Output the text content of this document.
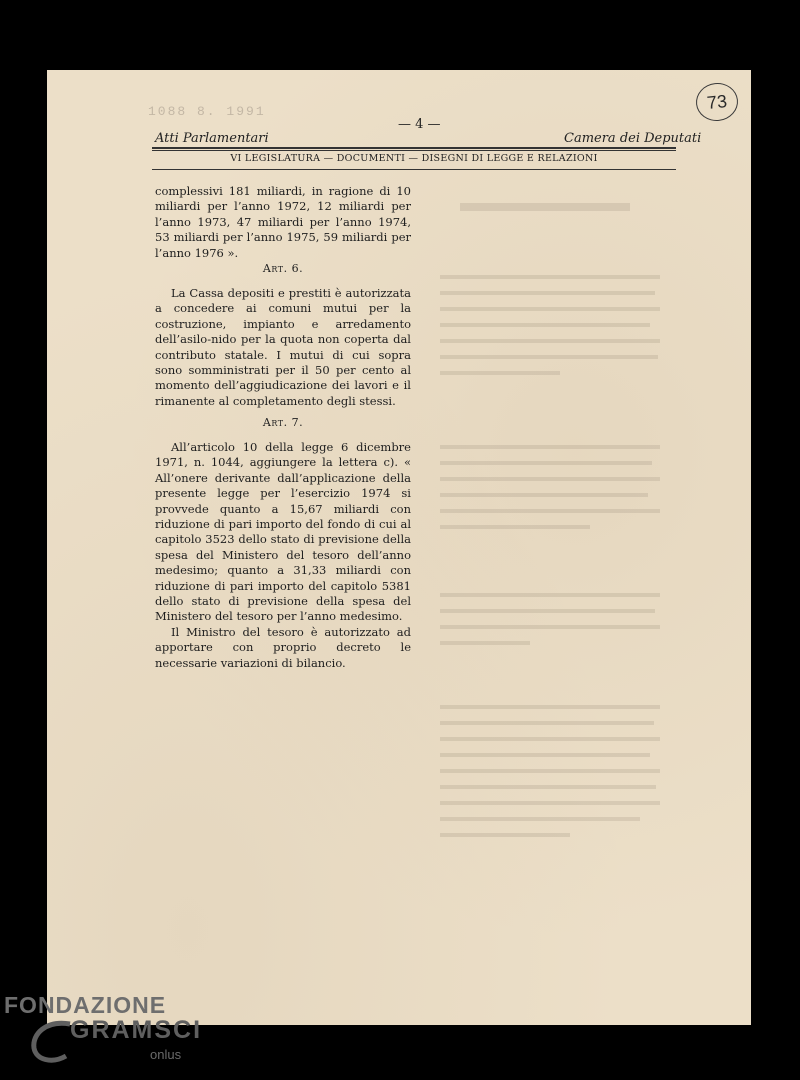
1088 8. 1991	73
— 4 —
Atti Parlamentari	Camera dei Deputati
VI LEGISLATURA — DOCUMENTI — DISEGNI DI LEGGE E RELAZIONI

complessivi 181 miliardi, in ragione di 10 miliardi per l’anno 1972, 12 miliardi per l’anno 1973, 47 miliardi per l’anno 1974, 53 miliardi per l’anno 1975, 59 miliardi per l’anno 1976 ».

Art. 6.

La Cassa depositi e prestiti è autorizzata a concedere ai comuni mutui per la costruzione, impianto e arredamento dell’asilo-nido per la quota non coperta dal contributo statale. I mutui di cui sopra sono somministrati per il 50 per cento al momento dell’aggiudicazione dei lavori e il rimanente al completamento degli stessi.

Art. 7.

All’articolo 10 della legge 6 dicembre 1971, n. 1044, aggiungere la lettera c). « All’onere derivante dall’applicazione della presente legge per l’esercizio 1974 si provvede quanto a 15,67 miliardi con riduzione di pari importo del fondo di cui al capitolo 3523 dello stato di previsione della spesa del Ministero del tesoro dell’anno medesimo; quanto a 31,33 miliardi con riduzione di pari importo del capitolo 5381 dello stato di previsione della spesa del Ministero del tesoro per l’anno medesimo.

Il Ministro del tesoro è autorizzato ad apportare con proprio decreto le necessarie variazioni di bilancio.

FONDAZIONE
GRAMSCI
onlus
